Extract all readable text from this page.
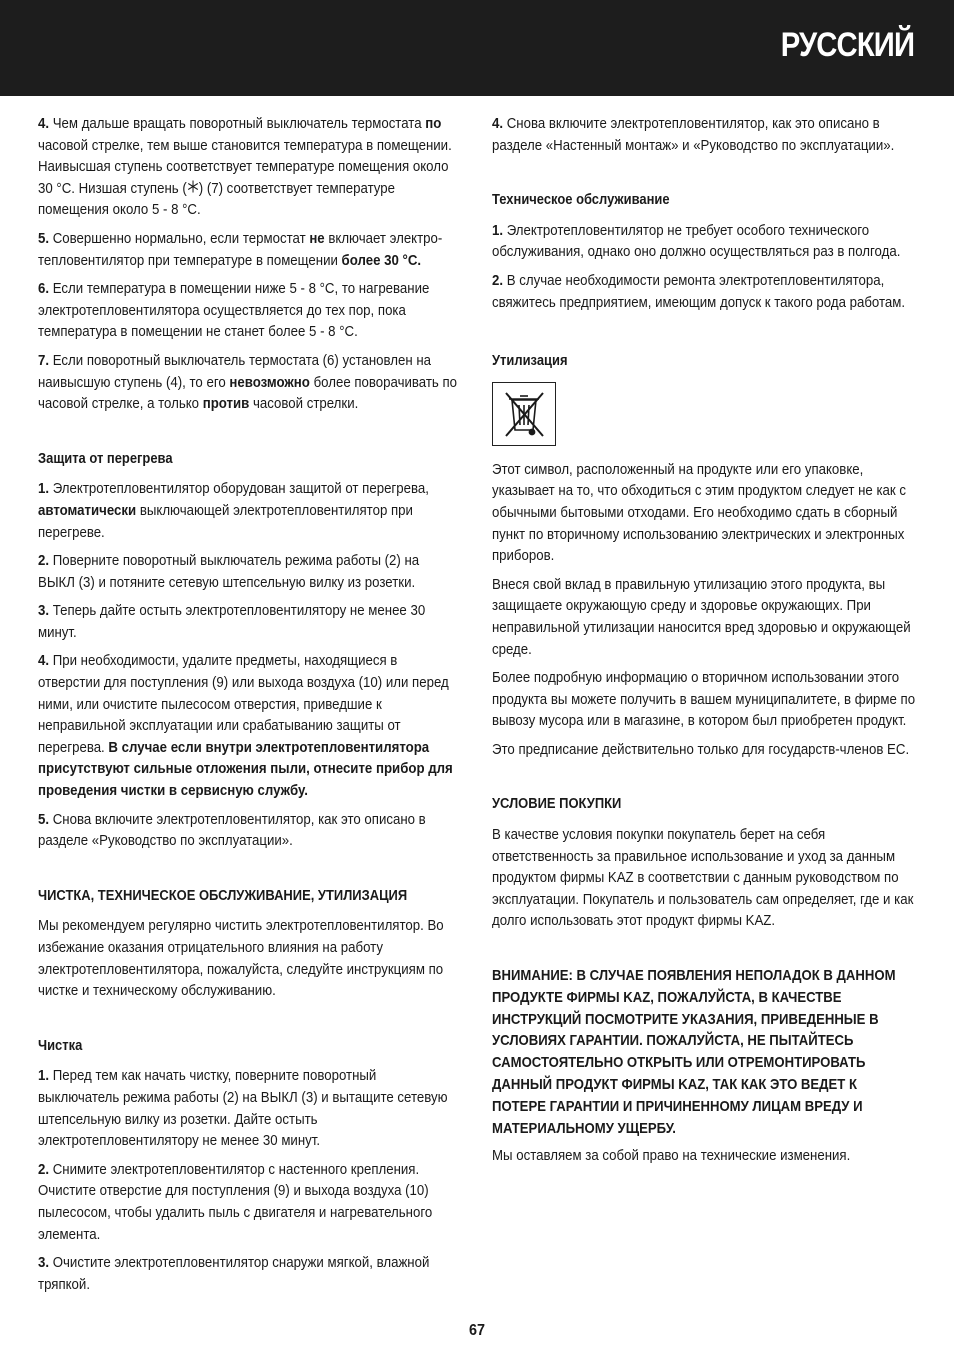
РУССКИЙ

4. Чем дальше вращать поворотный выключатель термостата по часовой стрелке, тем выше становится температура в помещении. Наивысшая ступень соответствует температуре помещения около 30 °C. Низшая ступень ( ) (7) соответствует температуре помещения около 5 - 8 °C.

5. Совершенно нормально, если термостат не включает электро-тепловентилятор при температуре в помещении более 30 °C.

6. Если температура в помещении ниже 5 - 8 °C, то нагревание электротепловентилятора осуществляется до тех пор, пока температура в помещении не станет более 5 - 8 °C.

7. Если поворотный выключатель термостата (6) установлен на наивысшую ступень (4), то его невозможно более поворачивать по часовой стрелке, а только против часовой стрелки.

Защита от перегрева

1. Электротепловентилятор оборудован защитой от перегрева, автоматически выключающей электротепловентилятор при перегреве.

2. Поверните поворотный выключатель режима работы (2) на ВЫКЛ (3) и потяните сетевую штепсельную вилку из розетки.

3. Теперь дайте остыть электротепловентилятору не менее 30 минут.

4. При необходимости, удалите предметы, находящиеся в отверстии для поступления (9) или выхода воздуха (10) или перед ними, или очистите пылесосом отверстия, приведшие к неправильной эксплуатации или срабатыванию защиты от перегрева. В случае если внутри электротепловентилятора присутствуют сильные отложения пыли, отнесите прибор для проведения чистки в сервисную службу.

5. Снова включите электротепловентилятор, как это описано в разделе «Руководство по эксплуатации».

ЧИСТКА, ТЕХНИЧЕСКОЕ ОБСЛУЖИВАНИЕ, УТИЛИЗАЦИЯ

Мы рекомендуем регулярно чистить электротепловентилятор. Во избежание оказания отрицательного влияния на работу электротепловентилятора, пожалуйста, следуйте инструкциям по чистке и техническому обслуживанию.

Чистка

1. Перед тем как начать чистку, поверните поворотный выключатель режима работы (2) на ВЫКЛ (3) и вытащите сетевую штепсельную вилку из розетки. Дайте остыть электротепловентилятору не менее 30 минут.

2. Снимите электротепловентилятор с настенного крепления. Очистите отверстие для поступления (9) и выхода воздуха (10) пылесосом, чтобы удалить пыль с двигателя и нагревательного элемента.

3. Очистите электротепловентилятор снаружи мягкой, влажной тряпкой.

4. Снова включите электротепловентилятор, как это описано в разделе «Настенный монтаж» и «Руководство по эксплуатации».

Техническое обслуживание

1. Электротепловентилятор не требует особого технического обслуживания, однако оно должно осуществляться раз в полгода.

2. В случае необходимости ремонта электротепловентилятора, свяжитесь предприятием, имеющим допуск к такого рода работам.

Утилизация

Этот символ, расположенный на продукте или его упаковке, указывает на то, что обходиться с этим продуктом следует не как с обычными бытовыми отходами. Его необходимо сдать в сборный пункт по вторичному использованию электрических и электронных приборов.

Внеся свой вклад в правильную утилизацию этого продукта, вы защищаете окружающую среду и здоровье окружающих. При неправильной утилизации наносится вред здоровью и окружающей среде.

Более подробную информацию о вторичном использовании этого продукта вы можете получить в вашем муниципалитете, в фирме по вывозу мусора или в магазине, в котором был приобретен продукт.

Это предписание действительно только для государств-членов ЕС.

УСЛОВИЕ ПОКУПКИ

В качестве условия покупки покупатель берет на себя ответственность за правильное использование и уход за данным продуктом фирмы KAZ в соответствии с данным руководством по эксплуатации. Покупатель и пользователь сам определяет, где и как долго использовать этот продукт фирмы KAZ.

ВНИМАНИЕ: В СЛУЧАЕ ПОЯВЛЕНИЯ НЕПОЛАДОК В ДАННОМ ПРОДУКТЕ ФИРМЫ KAZ, ПОЖАЛУЙСТА, В КАЧЕСТВЕ ИНСТРУКЦИЙ ПОСМОТРИТЕ УКАЗАНИЯ, ПРИВЕДЕННЫЕ В УСЛОВИЯХ ГАРАНТИИ. ПОЖАЛУЙСТА, НЕ ПЫТАЙТЕСЬ САМОСТОЯТЕЛЬНО ОТКРЫТЬ ИЛИ ОТРЕМОНТИРОВАТЬ ДАННЫЙ ПРОДУКТ ФИРМЫ KAZ, ТАК КАК ЭТО ВЕДЕТ К ПОТЕРЕ ГАРАНТИИ И ПРИЧИНЕННОМУ ЛИЦАМ ВРЕДУ И МАТЕРИАЛЬНОМУ УЩЕРБУ.

Мы оставляем за собой право на технические изменения.

67
